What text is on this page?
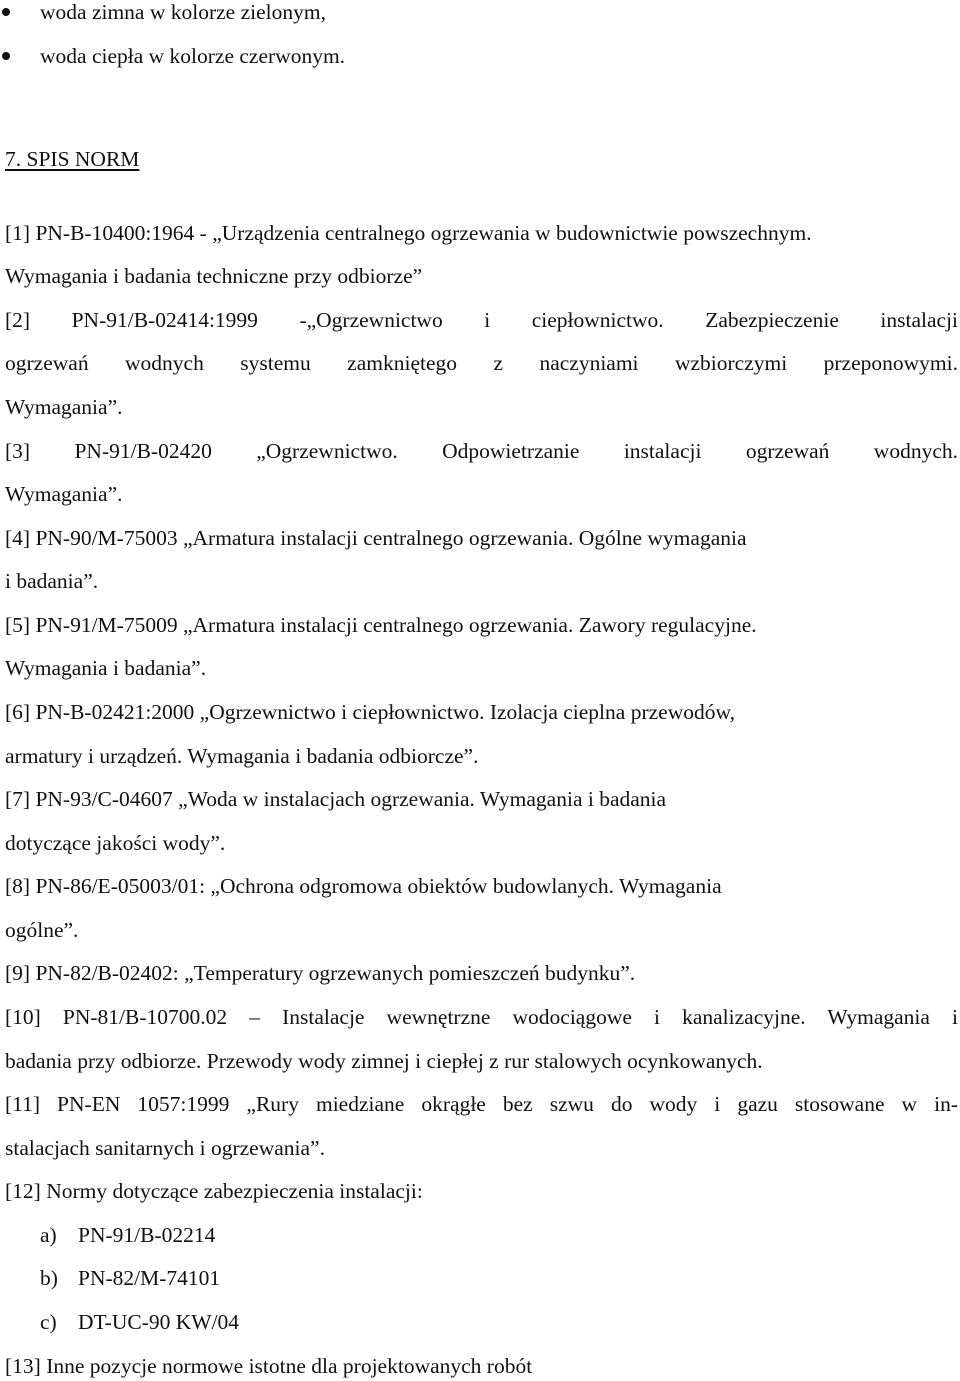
woda zimna w kolorze zielonym,
woda ciepła w kolorze czerwonym.
7. SPIS NORM
[1] PN-B-10400:1964 - „Urządzenia centralnego ogrzewania w budownictwie powszechnym.
Wymagania i badania techniczne przy odbiorze”
[2] PN-91/B-02414:1999 -„Ogrzewnictwo i ciepłownictwo. Zabezpieczenie instalacji
ogrzewań wodnych systemu zamkniętego z naczyniami wzbiorczymi przeponowymi.
Wymagania”.
[3] PN-91/B-02420 „Ogrzewnictwo. Odpowietrzanie instalacji ogrzewań wodnych.
Wymagania”.
[4] PN-90/M-75003 „Armatura instalacji centralnego ogrzewania. Ogólne wymagania
i badania”.
[5] PN-91/M-75009 „Armatura instalacji centralnego ogrzewania. Zawory regulacyjne.
Wymagania i badania”.
[6] PN-B-02421:2000 „Ogrzewnictwo i ciepłownictwo. Izolacja cieplna przewodów,
armatury i urządzeń. Wymagania i badania odbiorcze”.
[7] PN-93/C-04607 „Woda w instalacjach ogrzewania. Wymagania i badania
dotyczące jakości wody”.
[8] PN-86/E-05003/01: „Ochrona odgromowa obiektów budowlanych. Wymagania
ogólne”.
[9] PN-82/B-02402: „Temperatury ogrzewanych pomieszczeń budynku”.
[10] PN-81/B-10700.02 – Instalacje wewnętrzne wodociągowe i kanalizacyjne. Wymagania i
badania przy odbiorze. Przewody wody zimnej i ciepłej z rur stalowych ocynkowanych.
[11] PN-EN 1057:1999 „Rury miedziane okrągłe bez szwu do wody i gazu stosowane w in-
stalacjach sanitarnych i ogrzewania”.
[12] Normy dotyczące zabezpieczenia instalacji:
a) PN-91/B-02214
b) PN-82/M-74101
c) DT-UC-90 KW/04
[13] Inne pozycje normowe istotne dla projektowanych robót
